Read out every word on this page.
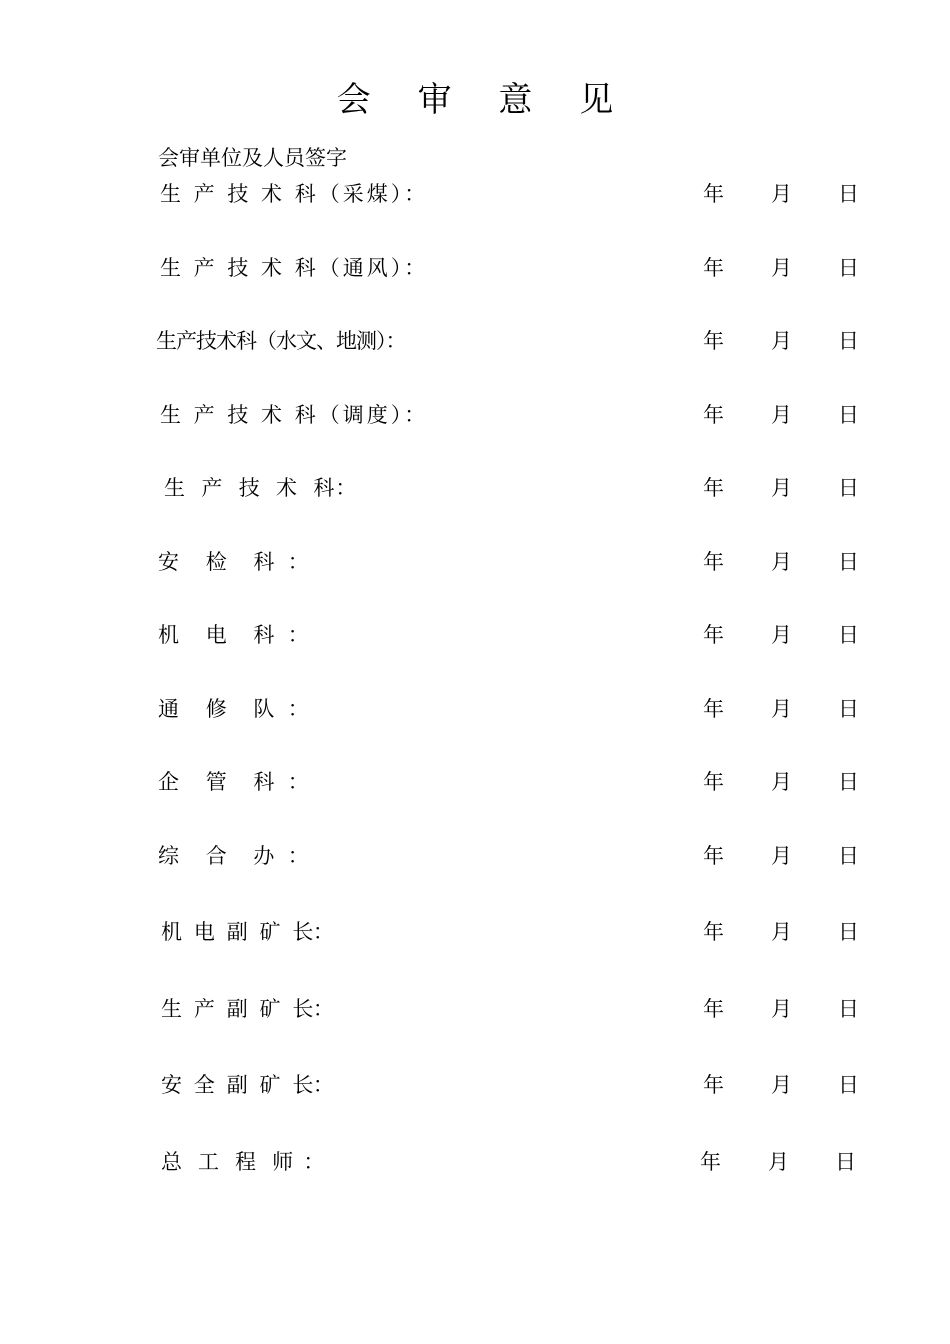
会 审 意 见
会审单位及人员签字
生 产 技 术 科（采煤）：	年 月 日
生 产 技 术 科（通风）：	年 月 日
生产技术科（水文、地测）：	年 月 日
生 产 技 术 科（调度）：	年 月 日
生  产  技  术  科：	年 月 日
安    检    科  ：	年 月 日
机    电    科  ：	年 月 日
通    修    队  ：	年 月 日
企    管    科  ：	年 月 日
综    合    办  ：	年 月 日
机  电  副  矿  长：	年 月 日
生  产  副  矿  长：	年 月 日
安  全  副  矿  长：	年 月 日
总   工   程   师  ：	年 月 日
